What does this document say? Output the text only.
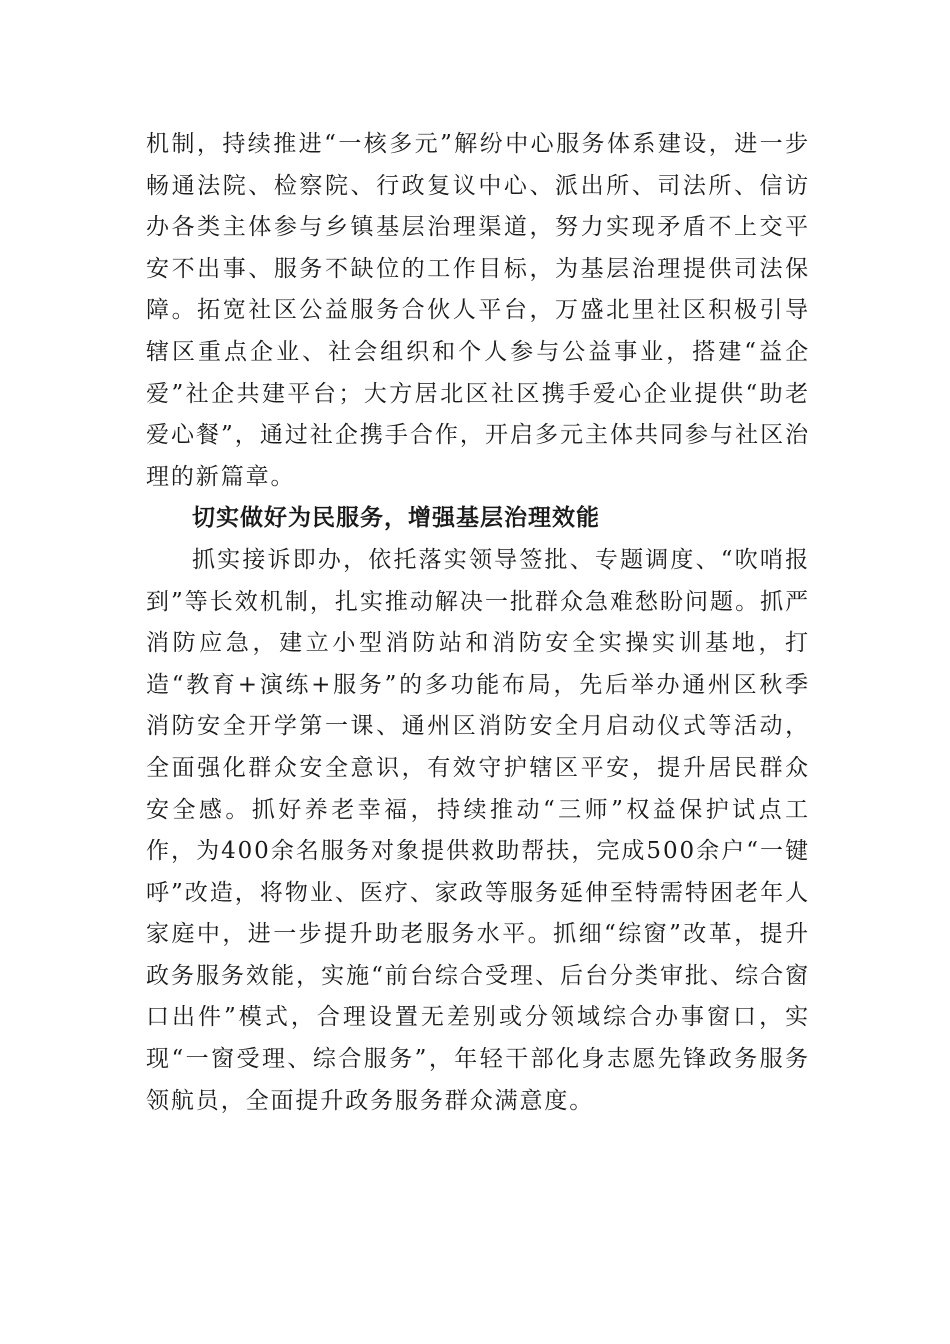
机制，持续推进“一核多元”解纷中心服务体系建设，进一步畅通法院、检察院、行政复议中心、派出所、司法所、信访办各类主体参与乡镇基层治理渠道，努力实现矛盾不上交平安不出事、服务不缺位的工作目标，为基层治理提供司法保障。拓宽社区公益服务合伙人平台，万盛北里社区积极引导辖区重点企业、社会组织和个人参与公益事业，搭建“益企爱”社企共建平台；大方居北区社区携手爱心企业提供“助老爱心餐”，通过社企携手合作，开启多元主体共同参与社区治理的新篇章。

切实做好为民服务，增强基层治理效能

抓实接诉即办，依托落实领导签批、专题调度、“吹哨报到”等长效机制，扎实推动解决一批群众急难愁盼问题。抓严消防应急，建立小型消防站和消防安全实操实训基地，打造“教育+演练+服务”的多功能布局，先后举办通州区秋季消防安全开学第一课、通州区消防安全月启动仪式等活动，全面强化群众安全意识，有效守护辖区平安，提升居民群众安全感。抓好养老幸福，持续推动“三师”权益保护试点工作，为400余名服务对象提供救助帮扶，完成500余户“一键呼”改造，将物业、医疗、家政等服务延伸至特需特困老年人家庭中，进一步提升助老服务水平。抓细“综窗”改革，提升政务服务效能，实施“前台综合受理、后台分类审批、综合窗口出件”模式，合理设置无差别或分领域综合办事窗口，实现“一窗受理、综合服务”，年轻干部化身志愿先锋政务服务领航员，全面提升政务服务群众满意度。
